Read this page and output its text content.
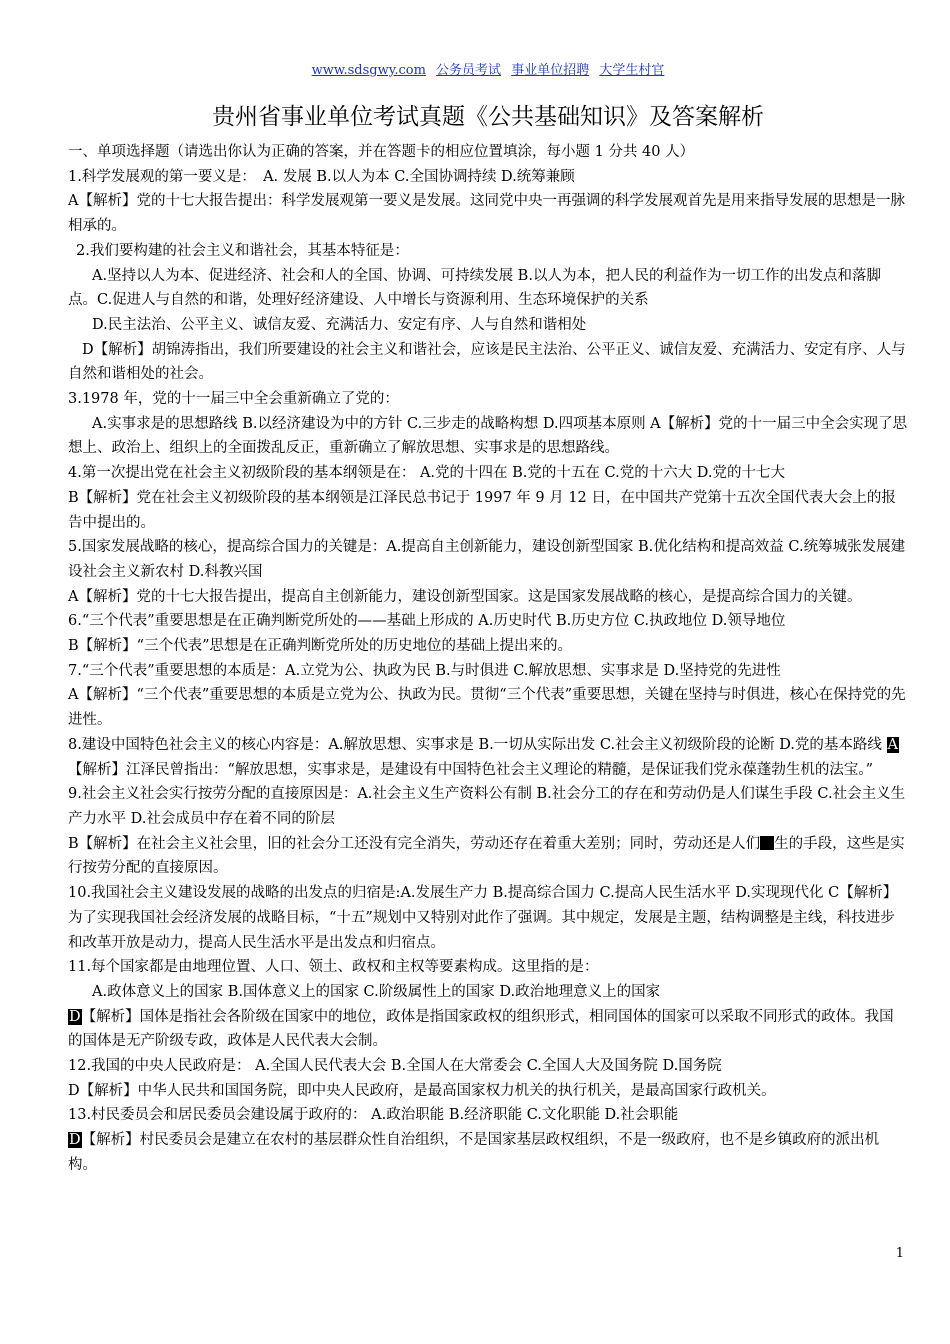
www.sdsgwy.com 公务员考试 事业单位招聘 大学生村官
贵州省事业单位考试真题《公共基础知识》及答案解析

一、单项选择题（请选出你认为正确的答案，并在答题卡的相应位置填涂，每小题 1 分共 40 人）

1.科学发展观的第一要义是：　A. 发展 B.以人为本 C.全国协调持续 D.统筹兼顾

A【解析】党的十七大报告提出：科学发展观第一要义是发展。这同党中央一再强调的科学发展观首先是用来指导发展的思想是一脉相承的。

2.我们要构建的社会主义和谐社会，其基本特征是：

A.坚持以人为本、促进经济、社会和人的全国、协调、可持续发展 B.以人为本，把人民的利益作为一切工作的出发点和落脚点。C.促进人与自然的和谐，处理好经济建设、人中增长与资源利用、生态环境保护的关系

D.民主法治、公平主义、诚信友爱、充满活力、安定有序、人与自然和谐相处

D【解析】胡锦涛指出，我们所要建设的社会主义和谐社会，应该是民主法治、公平正义、诚信友爱、充满活力、安定有序、人与自然和谐相处的社会。

3.1978 年，党的十一届三中全会重新确立了党的：

A.实事求是的思想路线 B.以经济建设为中的方针 C.三步走的战略构想 D.四项基本原则 A【解析】党的十一届三中全会实现了思想上、政治上、组织上的全面拨乱反正，重新确立了解放思想、实事求是的思想路线。

4.第一次提出党在社会主义初级阶段的基本纲领是在： A.党的十四在 B.党的十五在 C.党的十六大 D.党的十七大

B【解析】党在社会主义初级阶段的基本纲领是江泽民总书记于 1997 年 9 月 12 日，在中国共产党第十五次全国代表大会上的报告中提出的。

5.国家发展战略的核心，提高综合国力的关键是：A.提高自主创新能力，建设创新型国家 B.优化结构和提高效益 C.统筹城张发展建设社会主义新农村 D.科教兴国

A【解析】党的十七大报告提出，提高自主创新能力，建设创新型国家。这是国家发展战略的核心，是提高综合国力的关键。

6.“三个代表”重要思想是在正确判断党所处的——基础上形成的 A.历史时代 B.历史方位 C.执政地位 D.领导地位

B【解析】“三个代表”思想是在正确判断党所处的历史地位的基础上提出来的。

7.“三个代表”重要思想的本质是：A.立党为公、执政为民 B.与时俱进 C.解放思想、实事求是 D.坚持党的先进性

A【解析】“三个代表”重要思想的本质是立党为公、执政为民。贯彻“三个代表”重要思想，关键在坚持与时俱进，核心在保持党的先进性。

8.建设中国特色社会主义的核心内容是：A.解放思想、实事求是 B.一切从实际出发 C.社会主义初级阶段的论断 D.党的基本路线 A【解析】江泽民曾指出：“解放思想，实事求是，是建设有中国特色社会主义理论的精髓，是保证我们党永葆蓬勃生机的法宝。”

9.社会主义社会实行按劳分配的直接原因是：A.社会主义生产资料公有制 B.社会分工的存在和劳动仍是人们谋生手段 C.社会主义生产力水平 D.社会成员中存在着不同的阶层

B【解析】在社会主义社会里，旧的社会分工还没有完全消失，劳动还存在着重大差别；同时，劳动还是人们 生的手段，这些是实行按劳分配的直接原因。

10.我国社会主义建设发展的战略的出发点的归宿是:A.发展生产力 B.提高综合国力 C.提高人民生活水平 D.实现现代化 C【解析】为了实现我国社会经济发展的战略目标，“十五”规划中又特别对此作了强调。其中规定，发展是主题，结构调整是主线，科技进步和改革开放是动力，提高人民生活水平是出发点和归宿点。

11.每个国家都是由地理位置、人口、领土、政权和主权等要素构成。这里指的是：

A.政体意义上的国家 B.国体意义上的国家 C.阶级属性上的国家 D.政治地理意义上的国家

D【解析】国体是指社会各阶级在国家中的地位，政体是指国家政权的组织形式，相同国体的国家可以采取不同形式的政体。我国的国体是无产阶级专政，政体是人民代表大会制。

12.我国的中央人民政府是： A.全国人民代表大会 B.全国人在大常委会 C.全国人大及国务院 D.国务院

D【解析】中华人民共和国国务院，即中央人民政府，是最高国家权力机关的执行机关，是最高国家行政机关。

13.村民委员会和居民委员会建设属于政府的： A.政治职能 B.经济职能 C.文化职能 D.社会职能

D【解析】村民委员会是建立在农村的基层群众性自治组织，不是国家基层政权组织，不是一级政府，也不是乡镇政府的派出机构。

1
